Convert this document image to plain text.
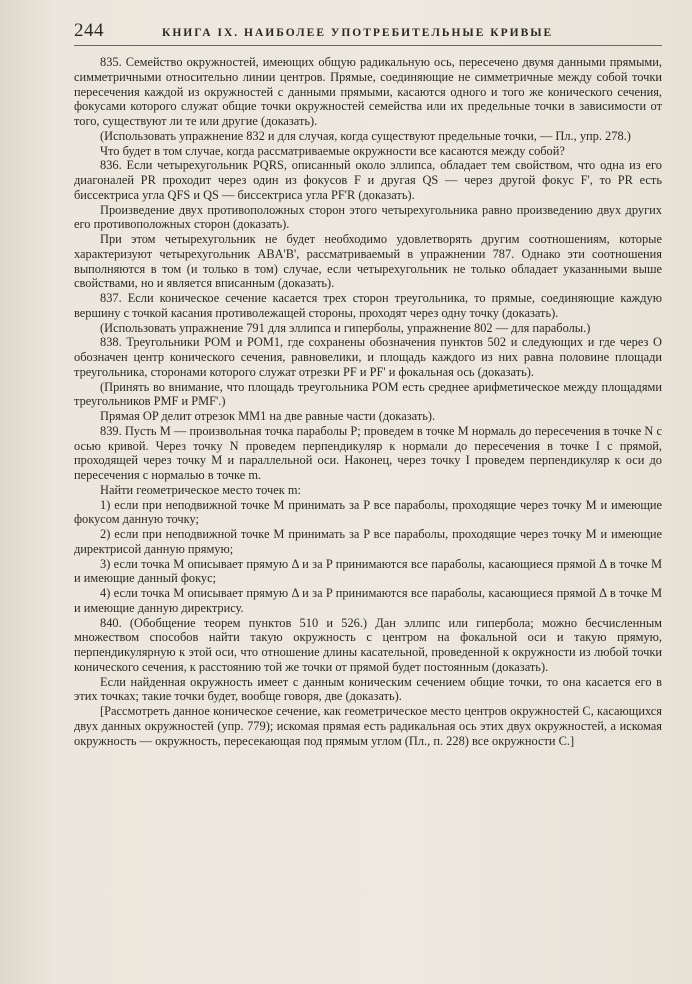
244	КНИГА IX. НАИБОЛЕЕ УПОТРЕБИТЕЛЬНЫЕ КРИВЫЕ

835. Семейство окружностей, имеющих общую радикальную ось, пересечено двумя данными прямыми, симметричными относительно линии центров. Прямые, соединяющие не симметричные между собой точки пересечения каждой из окружностей с данными прямыми, касаются одного и того же конического сечения, фокусами которого служат общие точки окружностей семейства или их предельные точки в зависимости от того, существуют ли те или другие (доказать).

(Использовать упражнение 832 и для случая, когда существуют предельные точки, — Пл., упр. 278.)

Что будет в том случае, когда рассматриваемые окружности все касаются между собой?

836. Если четырехугольник PQRS, описанный около эллипса, обладает тем свойством, что одна из его диагоналей PR проходит через один из фокусов F и другая QS — через другой фокус F', то PR есть биссектриса угла QFS и QS — биссектриса угла PF'R (доказать).

Произведение двух противоположных сторон этого четырехугольника равно произведению двух других его противоположных сторон (доказать).

При этом четырехугольник не будет необходимо удовлетворять другим соотношениям, которые характеризуют четырехугольник ABA'B', рассматриваемый в упражнении 787. Однако эти соотношения выполняются в том (и только в том) случае, если четырехугольник не только обладает указанными выше свойствами, но и является вписанным (доказать).

837. Если коническое сечение касается трех сторон треугольника, то прямые, соединяющие каждую вершину с точкой касания противолежащей стороны, проходят через одну точку (доказать).

(Использовать упражнение 791 для эллипса и гиперболы, упражнение 802 — для параболы.)

838. Треугольники POM и POM1, где сохранены обозначения пунктов 502 и следующих и где через O обозначен центр конического сечения, равновелики, и площадь каждого из них равна половине площади треугольника, сторонами которого служат отрезки PF и PF' и фокальная ось (доказать).

(Принять во внимание, что площадь треугольника POM есть среднее арифметическое между площадями треугольников PMF и PMF'.)

Прямая OP делит отрезок MM1 на две равные части (доказать).

839. Пусть M — произвольная точка параболы P; проведем в точке M нормаль до пересечения в точке N с осью кривой. Через точку N проведем перпендикуляр к нормали до пересечения в точке I с прямой, проходящей через точку M и параллельной оси. Наконец, через точку I проведем перпендикуляр к оси до пересечения с нормалью в точке m.

Найти геометрическое место точек m:

1) если при неподвижной точке M принимать за P все параболы, проходящие через точку M и имеющие фокусом данную точку;

2) если при неподвижной точке M принимать за P все параболы, проходящие через точку M и имеющие директрисой данную прямую;

3) если точка M описывает прямую Δ и за P принимаются все параболы, касающиеся прямой Δ в точке M и имеющие данный фокус;

4) если точка M описывает прямую Δ и за P принимаются все параболы, касающиеся прямой Δ в точке M и имеющие данную директрису.

840. (Обобщение теорем пунктов 510 и 526.) Дан эллипс или гипербола; можно бесчисленным множеством способов найти такую окружность с центром на фокальной оси и такую прямую, перпендикулярную к этой оси, что отношение длины касательной, проведенной к окружности из любой точки конического сечения, к расстоянию той же точки от прямой будет постоянным (доказать).

Если найденная окружность имеет с данным коническим сечением общие точки, то она касается его в этих точках; такие точки будет, вообще говоря, две (доказать).

[Рассмотреть данное коническое сечение, как геометрическое место центров окружностей C, касающихся двух данных окружностей (упр. 779); искомая прямая есть радикальная ось этих двух окружностей, а искомая окружность — окружность, пересекающая под прямым углом (Пл., п. 228) все окружности C.]
